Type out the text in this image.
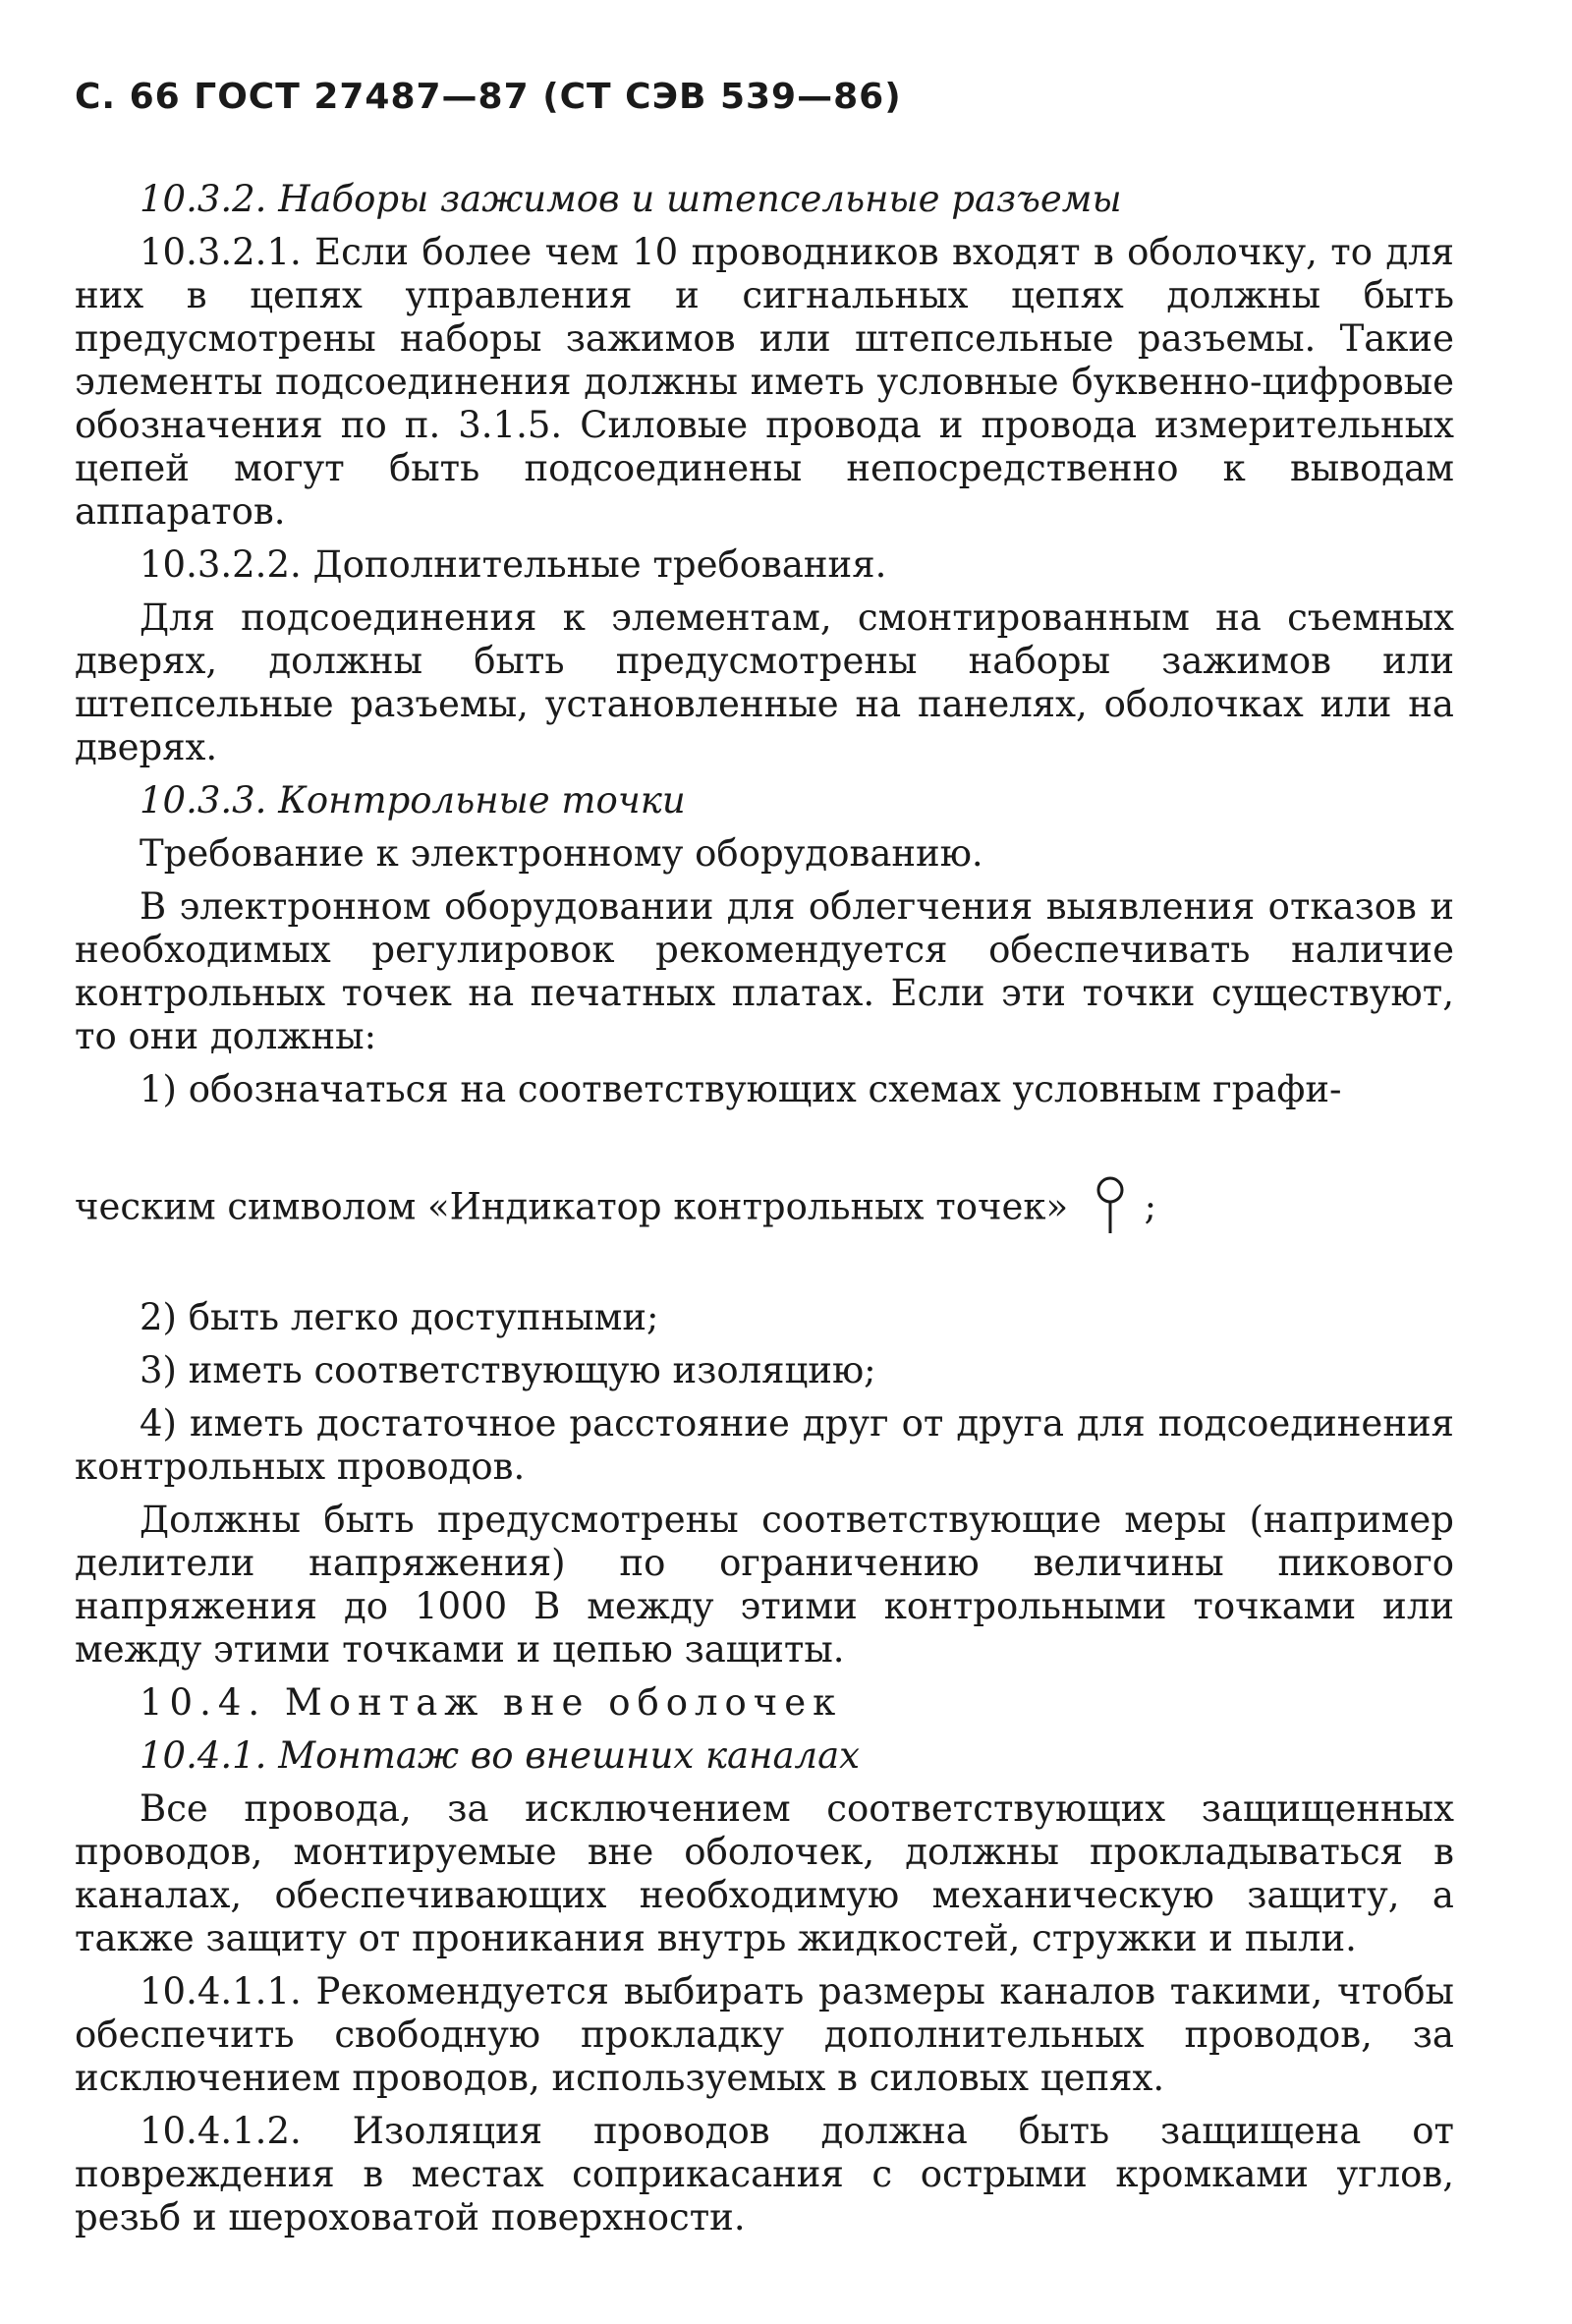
С. 66 ГОСТ 27487—87 (СТ СЭВ 539—86)

10.3.2. Наборы зажимов и штепсельные разъемы

10.3.2.1. Если более чем 10 проводников входят в оболочку, то для них в цепях управления и сигнальных цепях должны быть предусмотрены наборы зажимов или штепсельные разъемы. Такие элементы подсоединения должны иметь условные буквенно-цифровые обозначения по п. 3.1.5. Силовые провода и провода измерительных цепей могут быть подсоединены непосредственно к выводам аппаратов.

10.3.2.2. Дополнительные требования.

Для подсоединения к элементам, смонтированным на съемных дверях, должны быть предусмотрены наборы зажимов или штепсельные разъемы, установленные на панелях, оболочках или на дверях.

10.3.3. Контрольные точки

Требование к электронному оборудованию.

В электронном оборудовании для облегчения выявления отказов и необходимых регулировок рекомендуется обеспечивать наличие контрольных точек на печатных платах. Если эти точки существуют, то они должны:

1) обозначаться на соответствующих схемах условным графи-

ческим символом «Индикатор контрольных точек» ;

2) быть легко доступными;

3) иметь соответствующую изоляцию;

4) иметь достаточное расстояние друг от друга для подсоединения контрольных проводов.

Должны быть предусмотрены соответствующие меры (например делители напряжения) по ограничению величины пикового напряжения до 1000 В между этими контрольными точками или между этими точками и цепью защиты.

10.4. Монтаж вне оболочек

10.4.1. Монтаж во внешних каналах

Все провода, за исключением соответствующих защищенных проводов, монтируемые вне оболочек, должны прокладываться в каналах, обеспечивающих необходимую механическую защиту, а также защиту от проникания внутрь жидкостей, стружки и пыли.

10.4.1.1. Рекомендуется выбирать размеры каналов такими, чтобы обеспечить свободную прокладку дополнительных проводов, за исключением проводов, используемых в силовых цепях.

10.4.1.2. Изоляция проводов должна быть защищена от повреждения в местах соприкасания с острыми кромками углов, резьб и шероховатой поверхности.
